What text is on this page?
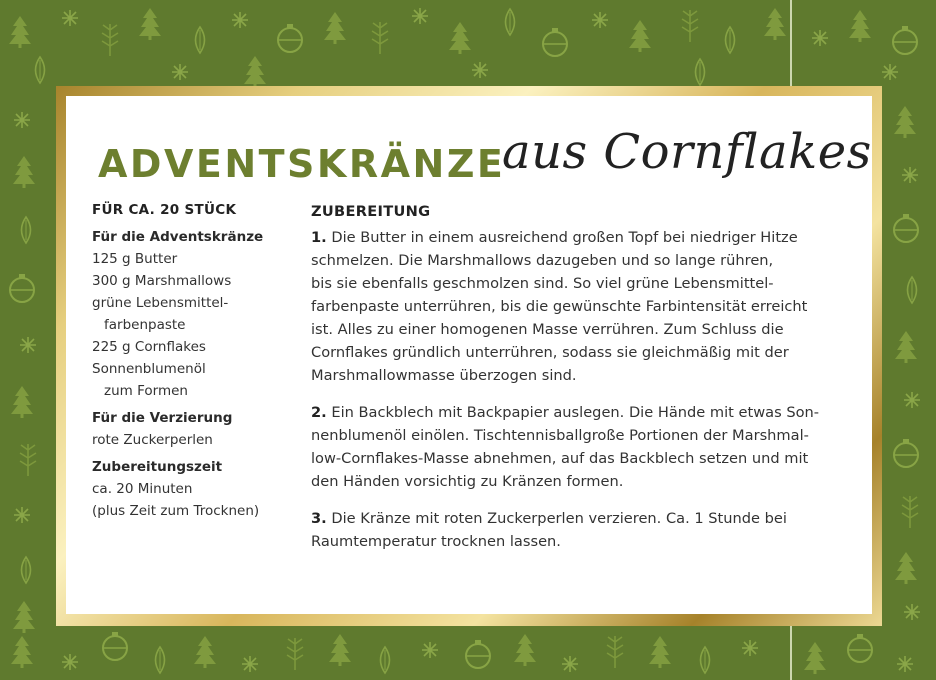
ADVENTSKRÄNZE
aus Cornflakes
FÜR CA. 20 STÜCK
Für die Adventskränze
125 g Butter
300 g Marshmallows
grüne Lebensmittel-
farbenpaste
225 g Cornflakes
Sonnenblumenöl
zum Formen
Für die Verzierung
rote Zuckerperlen
Zubereitungszeit
ca. 20 Minuten
(plus Zeit zum Trocknen)
ZUBEREITUNG
1. Die Butter in einem ausreichend großen Topf bei niedriger Hitze
schmelzen. Die Marshmallows dazugeben und so lange rühren,
bis sie ebenfalls geschmolzen sind. So viel grüne Lebensmittel-
farbenpaste unterrühren, bis die gewünschte Farbintensität erreicht
ist. Alles zu einer homogenen Masse verrühren. Zum Schluss die
Cornflakes gründlich unterrühren, sodass sie gleichmäßig mit der
Marshmallowmasse überzogen sind.
2. Ein Backblech mit Backpapier auslegen. Die Hände mit etwas Son-
nenblumenöl einölen. Tischtennisballgroße Portionen der Marshmal-
low-Cornflakes-Masse abnehmen, auf das Backblech setzen und mit
den Händen vorsichtig zu Kränzen formen.
3. Die Kränze mit roten Zuckerperlen verzieren. Ca. 1 Stunde bei
Raumtemperatur trocknen lassen.
